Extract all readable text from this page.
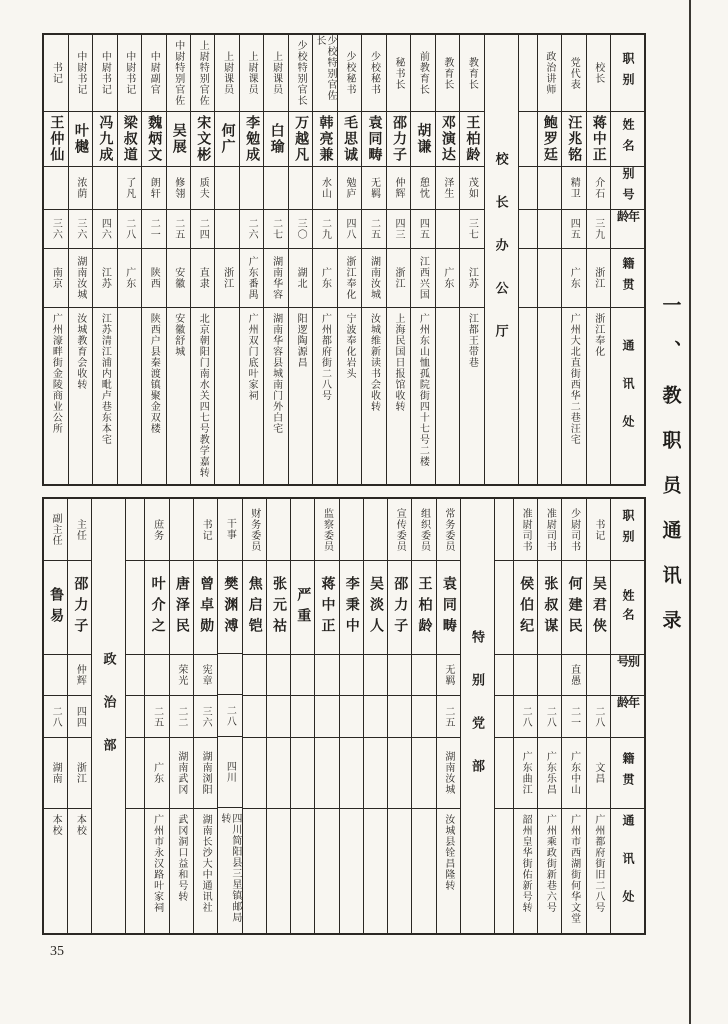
职别
姓名
别号
年龄
籍贯
通讯处
校长
蒋中正
介石
三九
浙江
浙江奉化
党代表
汪兆铭
精卫
四五
广东
广州大北直街西华二巷汪宅
政治讲师
鲍罗廷
校长办公厅
教育长
王柏龄
茂如
三七
江苏
江都王带巷
教育长
邓演达
泽生
广东
前教育长
胡谦
憩忱
四五
江西兴国
广州东山恤孤院街四十七号二楼
秘书长
邵力子
仲辉
四三
浙江
上海民国日报馆收转
少校秘书
袁同畴
无羁
二五
湖南汝城
汝城维新读书会收转
少校秘书
毛思诚
勉庐
四八
浙江奉化
宁波奉化岩头
少校特别官佐长
韩亮兼
水山
二九
广东
广州都府街二八号
少校特别官长
万越凡
三〇
湖北
阳逻陶源昌
上尉课员
白瑜
二七
湖南华容
湖南华容县城南门外白宅
上尉课员
李勉成
二六
广东番禺
广州双门底叶家祠
上尉课员
何广
浙江
上尉特别官佐
宋文彬
质夫
二四
直隶
北京朝阳门南水关四七号教学嘉转
中尉特别官佐
吴展
修翎
二五
安徽
安徽舒城
中尉副官
魏炳文
朗轩
二一
陕西
陕西户县秦渡镇聚金双楼
中尉书记
梁叔道
了凡
二八
广东
中尉书记
冯九成
四六
江苏
江苏清江浦内毗卢巷东本宅
中尉书记
叶樾
浓荫
三六
湖南汝城
汝城教育会收转
书记
王仲仙
三六
南京
广州濠畔街金陵商业公所
职别
姓名
别号
年龄
籍贯
通讯处
书记
吴君侠
二八
文昌
广州都府街旧二八号
少尉司书
何建民
直愚
二一
广东中山
广州市西湖街何华文堂
准尉司书
张叔谋
二八
广东乐昌
广州乘政街新巷六号
准尉司书
侯伯纪
二八
广东曲江
韶州皇华街佑新号转
特别党部
常务委员
袁同畴
无羁
二五
湖南汝城
汝城县铨昌隆转
组织委员
王柏龄
宣传委员
邵力子
吴淡人
李秉中
监察委员
蒋中正
严重
张元祜
财务委员
焦启铠
干事
樊渊溥
二八
四川
四川简阳县三星镇邮局转
书记
曾卓勋
宪章
三六
湖南浏阳
湖南长沙大中通讯社
唐泽民
荣光
二二
湖南武冈
武冈洞口益和号转
庶务
叶介之
二五
广东
广州市永汉路叶家祠
政治部
主任
邵力子
仲辉
四四
浙江
本校
副主任
鲁易
二八
湖南
本校
一、教职员通讯录
35
